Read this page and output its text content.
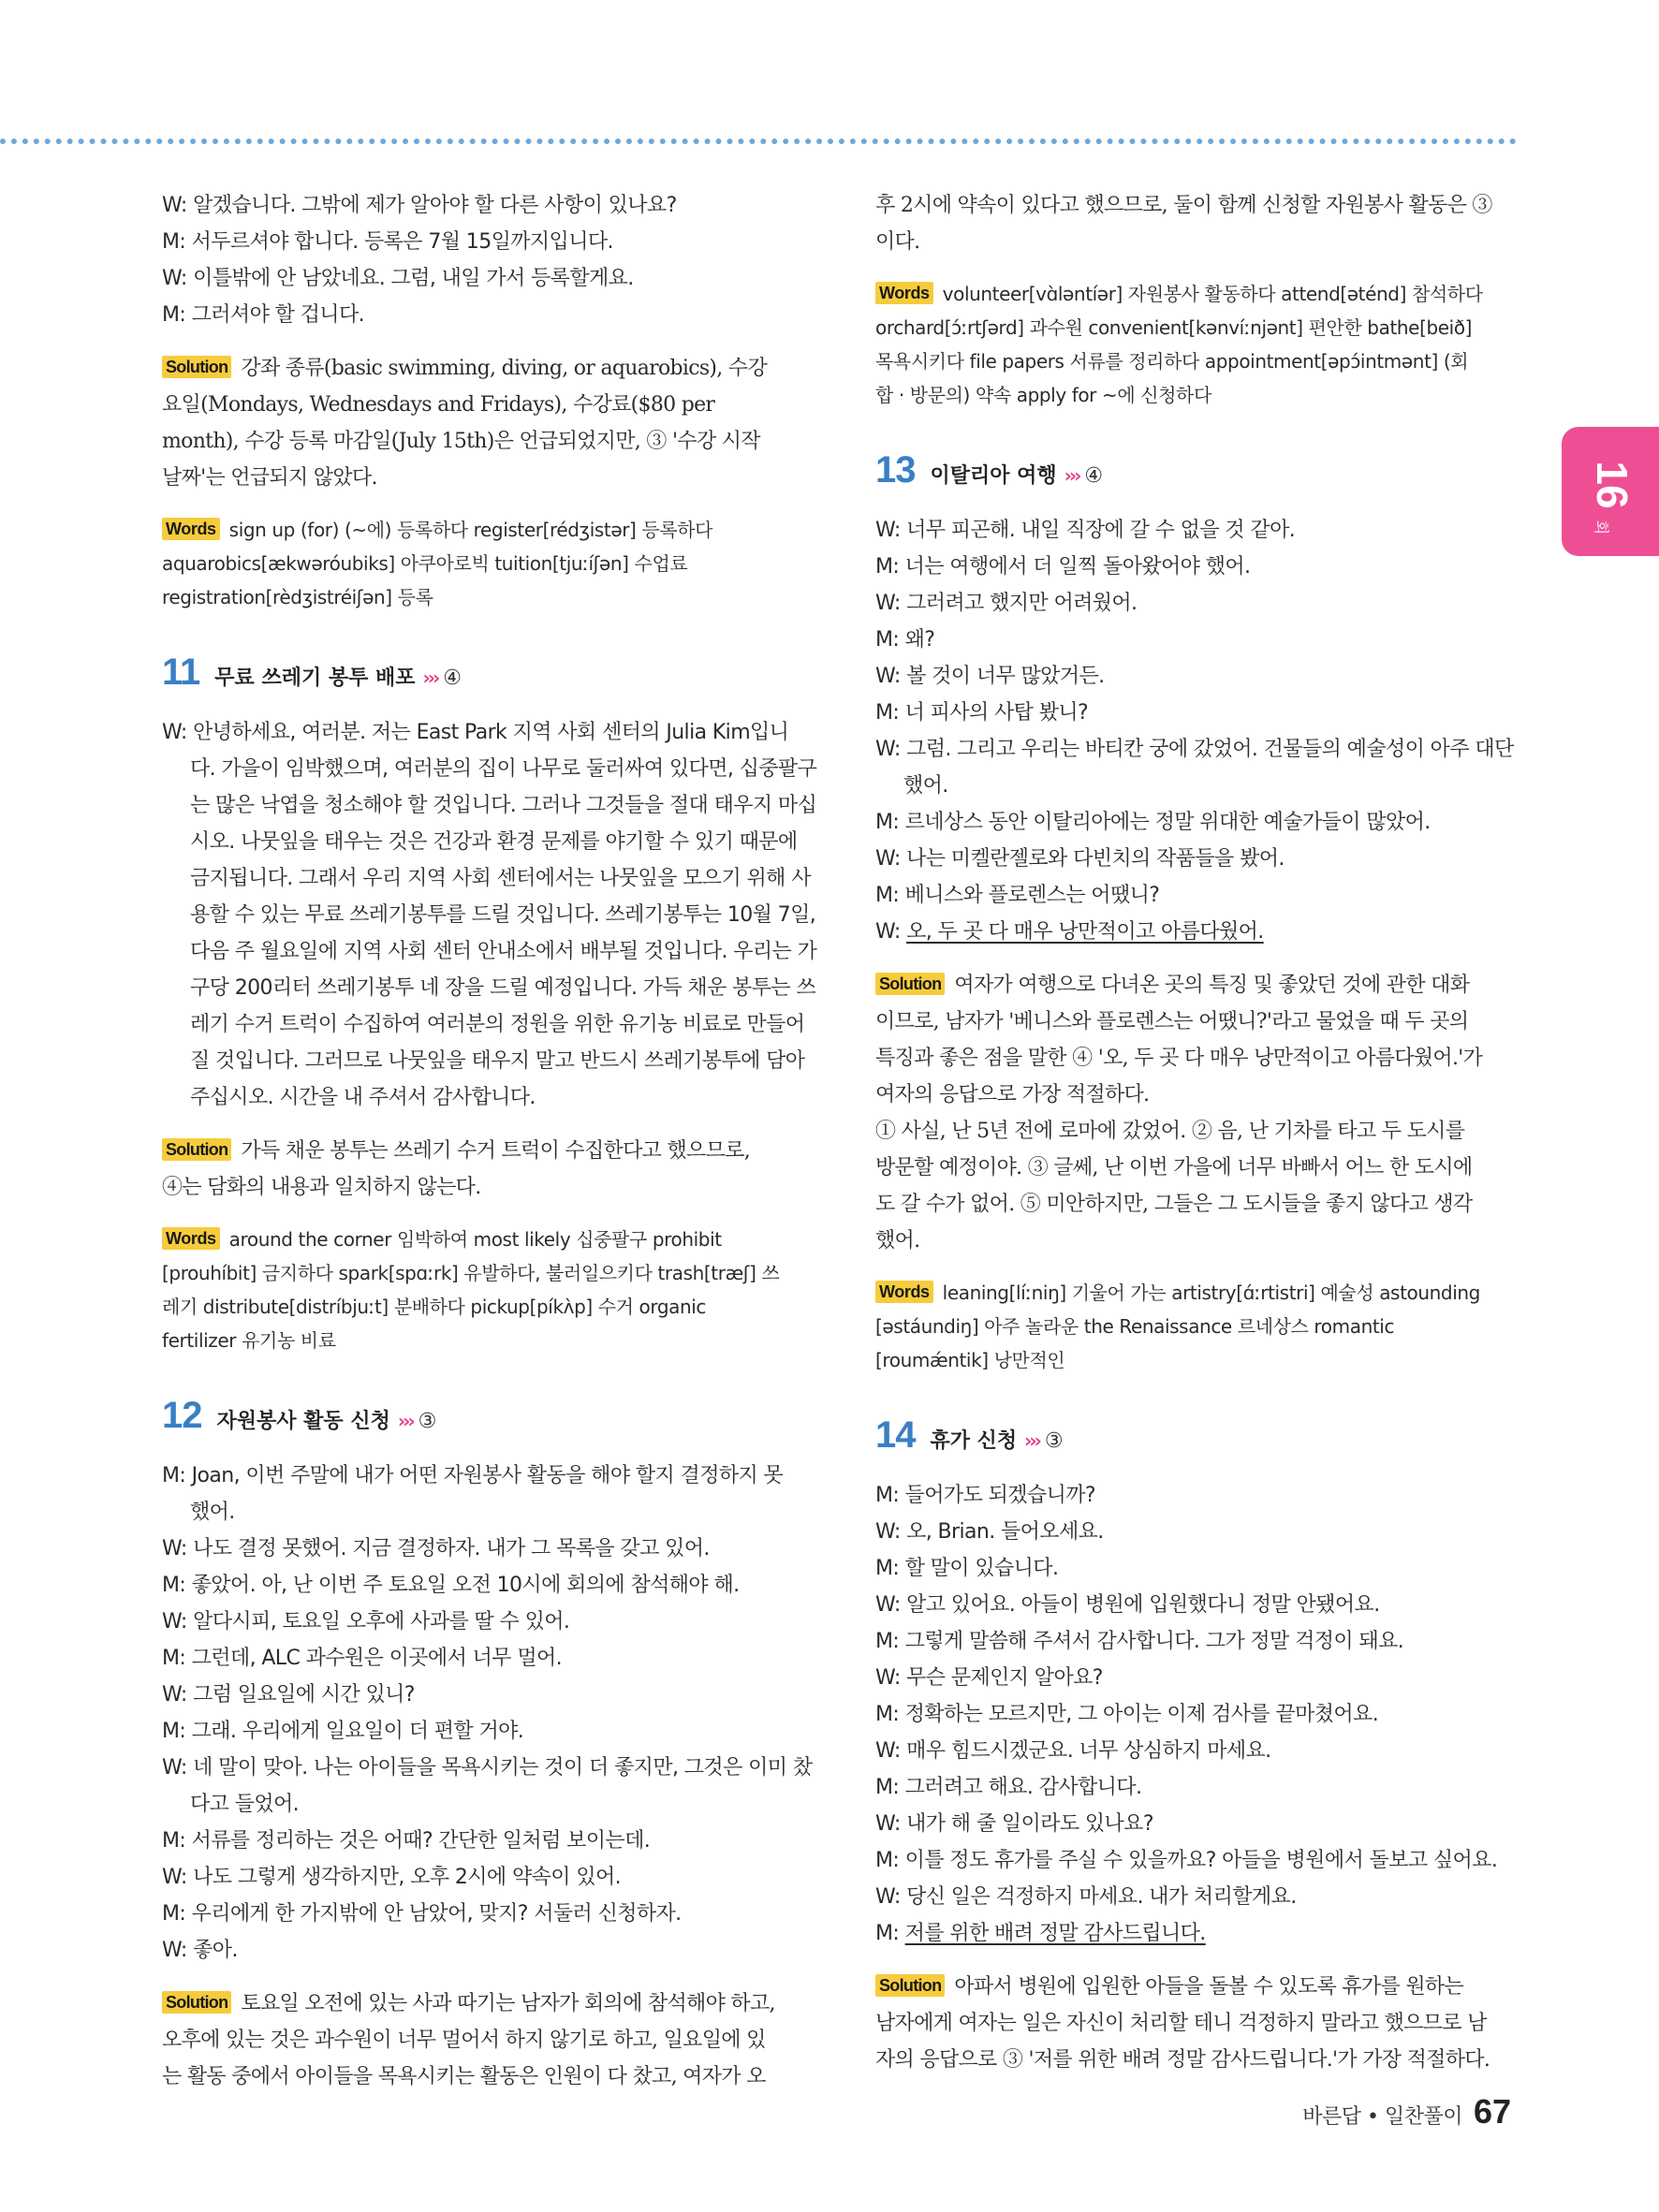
W: 알겠습니다. 그밖에 제가 알아야 할 다른 사항이 있나요?
M: 서두르셔야 합니다. 등록은 7월 15일까지입니다.
W: 이틀밖에 안 남았네요. 그럼, 내일 가서 등록할게요.
M: 그러셔야 할 겁니다.
Solution 강좌 종류(basic swimming, diving, or aquarobics), 수강
요일(Mondays, Wednesdays and Fridays), 수강료($80 per
month), 수강 등록 마감일(July 15th)은 언급되었지만, ③ '수강 시작
날짜'는 언급되지 않았다.
Words sign up (for) (~에) 등록하다 register[rédʒistər] 등록하다
aquarobics[ækwəróubiks] 아쿠아로빅 tuition[tjuːíʃən] 수업료
registration[rèdʒistréiʃən] 등록
11 무료 쓰레기 봉투 배포 ››› ④
W: 안녕하세요, 여러분. 저는 East Park 지역 사회 센터의 Julia Kim입니
다. 가을이 임박했으며, 여러분의 집이 나무로 둘러싸여 있다면, 십중팔구
는 많은 낙엽을 청소해야 할 것입니다. 그러나 그것들을 절대 태우지 마십
시오. 나뭇잎을 태우는 것은 건강과 환경 문제를 야기할 수 있기 때문에
금지됩니다. 그래서 우리 지역 사회 센터에서는 나뭇잎을 모으기 위해 사
용할 수 있는 무료 쓰레기봉투를 드릴 것입니다. 쓰레기봉투는 10월 7일,
다음 주 월요일에 지역 사회 센터 안내소에서 배부될 것입니다. 우리는 가
구당 200리터 쓰레기봉투 네 장을 드릴 예정입니다. 가득 채운 봉투는 쓰
레기 수거 트럭이 수집하여 여러분의 정원을 위한 유기농 비료로 만들어
질 것입니다. 그러므로 나뭇잎을 태우지 말고 반드시 쓰레기봉투에 담아
주십시오. 시간을 내 주셔서 감사합니다.
Solution 가득 채운 봉투는 쓰레기 수거 트럭이 수집한다고 했으므로,
④는 담화의 내용과 일치하지 않는다.
Words around the corner 임박하여 most likely 십중팔구 prohibit
[prouhíbit] 금지하다 spark[spɑːrk] 유발하다, 불러일으키다 trash[træʃ] 쓰
레기 distribute[distríbjuːt] 분배하다 pickup[píkʌ̀p] 수거 organic
fertilizer 유기농 비료
12 자원봉사 활동 신청 ››› ③
M: Joan, 이번 주말에 내가 어떤 자원봉사 활동을 해야 할지 결정하지 못
했어.
W: 나도 결정 못했어. 지금 결정하자. 내가 그 목록을 갖고 있어.
M: 좋았어. 아, 난 이번 주 토요일 오전 10시에 회의에 참석해야 해.
W: 알다시피, 토요일 오후에 사과를 딸 수 있어.
M: 그런데, ALC 과수원은 이곳에서 너무 멀어.
W: 그럼 일요일에 시간 있니?
M: 그래. 우리에게 일요일이 더 편할 거야.
W: 네 말이 맞아. 나는 아이들을 목욕시키는 것이 더 좋지만, 그것은 이미 찼
다고 들었어.
M: 서류를 정리하는 것은 어때? 간단한 일처럼 보이는데.
W: 나도 그렇게 생각하지만, 오후 2시에 약속이 있어.
M: 우리에게 한 가지밖에 안 남았어, 맞지? 서둘러 신청하자.
W: 좋아.
Solution 토요일 오전에 있는 사과 따기는 남자가 회의에 참석해야 하고,
오후에 있는 것은 과수원이 너무 멀어서 하지 않기로 하고, 일요일에 있
는 활동 중에서 아이들을 목욕시키는 활동은 인원이 다 찼고, 여자가 오
후 2시에 약속이 있다고 했으므로, 둘이 함께 신청할 자원봉사 활동은 ③
이다.
Words volunteer[vɑ̀ləntíər] 자원봉사 활동하다 attend[əténd] 참석하다
orchard[ɔ́ːrtʃərd] 과수원 convenient[kənvíːnjənt] 편안한 bathe[beið]
목욕시키다 file papers 서류를 정리하다 appointment[əpɔ́intmənt] (회
합 · 방문의) 약속 apply for ~에 신청하다
13 이탈리아 여행 ››› ④
W: 너무 피곤해. 내일 직장에 갈 수 없을 것 같아.
M: 너는 여행에서 더 일찍 돌아왔어야 했어.
W: 그러려고 했지만 어려웠어.
M: 왜?
W: 볼 것이 너무 많았거든.
M: 너 피사의 사탑 봤니?
W: 그럼. 그리고 우리는 바티칸 궁에 갔었어. 건물들의 예술성이 아주 대단
했어.
M: 르네상스 동안 이탈리아에는 정말 위대한 예술가들이 많았어.
W: 나는 미켈란젤로와 다빈치의 작품들을 봤어.
M: 베니스와 플로렌스는 어땠니?
W: 오, 두 곳 다 매우 낭만적이고 아름다웠어.
Solution 여자가 여행으로 다녀온 곳의 특징 및 좋았던 것에 관한 대화
이므로, 남자가 '베니스와 플로렌스는 어땠니?'라고 물었을 때 두 곳의
특징과 좋은 점을 말한 ④ '오, 두 곳 다 매우 낭만적이고 아름다웠어.'가
여자의 응답으로 가장 적절하다.
① 사실, 난 5년 전에 로마에 갔었어. ② 음, 난 기차를 타고 두 도시를
방문할 예정이야. ③ 글쎄, 난 이번 가을에 너무 바빠서 어느 한 도시에
도 갈 수가 없어. ⑤ 미안하지만, 그들은 그 도시들을 좋지 않다고 생각
했어.
Words leaning[líːniŋ] 기울어 가는 artistry[ɑ́ːrtistri] 예술성 astounding
[əstáundiŋ] 아주 놀라운 the Renaissance 르네상스 romantic
[roumǽntik] 낭만적인
14 휴가 신청 ››› ③
M: 들어가도 되겠습니까?
W: 오, Brian. 들어오세요.
M: 할 말이 있습니다.
W: 알고 있어요. 아들이 병원에 입원했다니 정말 안됐어요.
M: 그렇게 말씀해 주셔서 감사합니다. 그가 정말 걱정이 돼요.
W: 무슨 문제인지 알아요?
M: 정확하는 모르지만, 그 아이는 이제 검사를 끝마쳤어요.
W: 매우 힘드시겠군요. 너무 상심하지 마세요.
M: 그러려고 해요. 감사합니다.
W: 내가 해 줄 일이라도 있나요?
M: 이틀 정도 휴가를 주실 수 있을까요? 아들을 병원에서 돌보고 싶어요.
W: 당신 일은 걱정하지 마세요. 내가 처리할게요.
M: 저를 위한 배려 정말 감사드립니다.
Solution 아파서 병원에 입원한 아들을 돌볼 수 있도록 휴가를 원하는
남자에게 여자는 일은 자신이 처리할 테니 걱정하지 말라고 했으므로 남
자의 응답으로 ③ '저를 위한 배려 정말 감사드립니다.'가 가장 적절하다.
16
회
바른답 • 일찬풀이 67
